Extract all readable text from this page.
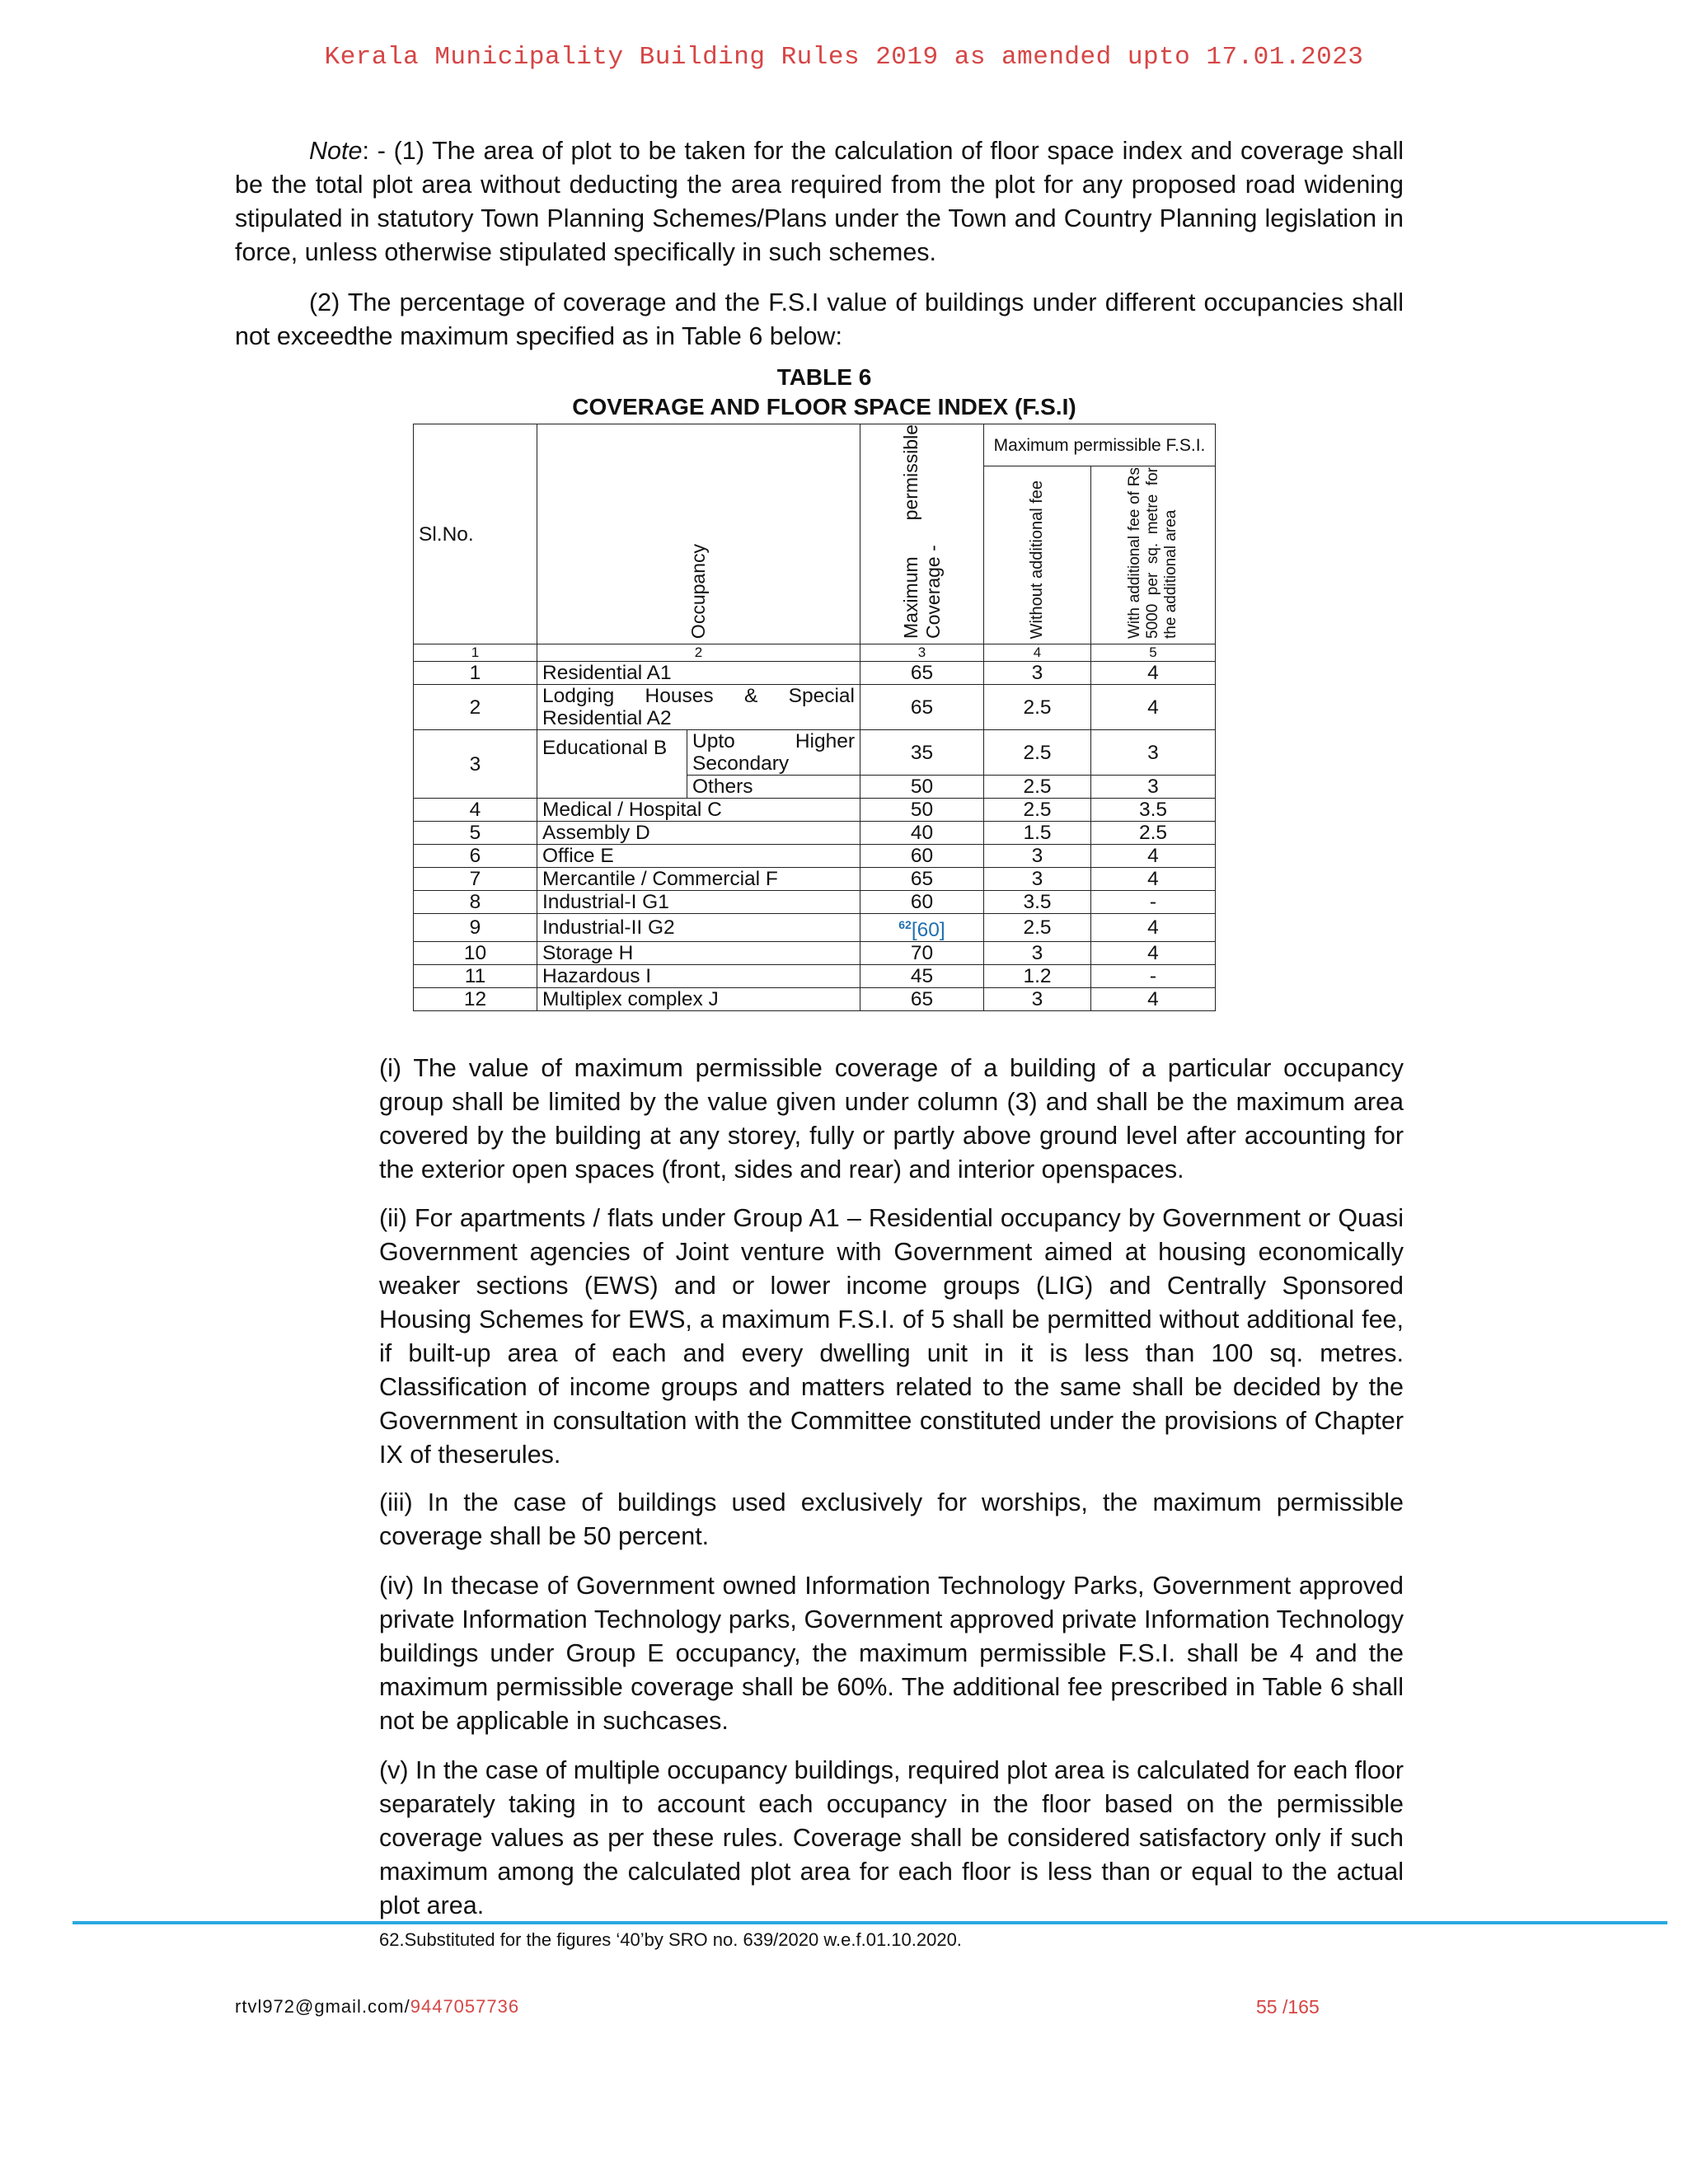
Kerala Municipality Building Rules 2019 as amended upto 17.01.2023
Note: - (1) The area of plot to be taken for the calculation of floor space index and coverage shall be the total plot area without deducting the area required from the plot for any proposed road widening stipulated in statutory Town Planning Schemes/Plans under the Town and Country Planning legislation in force, unless otherwise stipulated specifically in such schemes.
(2) The percentage of coverage and the F.S.I value of buildings under different occupancies shall not exceedthe maximum specified as in Table 6 below:
TABLE 6
COVERAGE AND FLOOR SPACE INDEX (F.S.I)
Sl.No.	Occupancy		Maximum permissible Coverage -	Maximum permissible F.S.I.	
				Without additional fee	With additional fee of Rs 5000 per sq. metre for the additional area
1	2		3	4	5
1	Residential A1		65	3	4
2	Lodging Houses & Special Residential A2		65	2.5	4
3	Educational B	Upto Higher Secondary	35	2.5	3
		Others	50	2.5	3
4	Medical / Hospital C		50	2.5	3.5
5	Assembly D		40	1.5	2.5
6	Office E		60	3	4
7	Mercantile / Commercial F		65	3	4
8	Industrial-I G1		60	3.5	-
9	Industrial-II G2		$^{62}$[60]	2.5	4
10	Storage H		70	3	4
11	Hazardous I		45	1.2	-
12	Multiplex complex J		65	3	4
(i) The value of maximum permissible coverage of a building of a particular occupancy group shall be limited by the value given under column (3) and shall be the maximum area covered by the building at any storey, fully or partly above ground level after accounting for the exterior open spaces (front, sides and rear) and interior openspaces.
(ii) For apartments / flats under Group A1 – Residential occupancy by Government or Quasi Government agencies of Joint venture with Government aimed at housing economically weaker sections (EWS) and or lower income groups (LIG) and Centrally Sponsored Housing Schemes for EWS, a maximum F.S.I. of 5 shall be permitted without additional fee, if built-up area of each and every dwelling unit in it is less than 100 sq. metres. Classification of income groups and matters related to the same shall be decided by the Government in consultation with the Committee constituted under the provisions of Chapter IX of theserules.
(iii) In the case of buildings used exclusively for worships, the maximum permissible coverage shall be 50 percent.
(iv) In thecase of Government owned Information Technology Parks, Government approved private Information Technology parks, Government approved private Information Technology buildings under Group E occupancy, the maximum permissible F.S.I. shall be 4 and the maximum permissible coverage shall be 60%. The additional fee prescribed in Table 6 shall not be applicable in suchcases.
(v) In the case of multiple occupancy buildings, required plot area is calculated for each floor separately taking in to account each occupancy in the floor based on the permissible coverage values as per these rules. Coverage shall be considered satisfactory only if such maximum among the calculated plot area for each floor is less than or equal to the actual plot area.
62.Substituted for the figures ‘40’by SRO no. 639/2020 w.e.f.01.10.2020.
rtvl972@gmail.com/9447057736	55 /165
